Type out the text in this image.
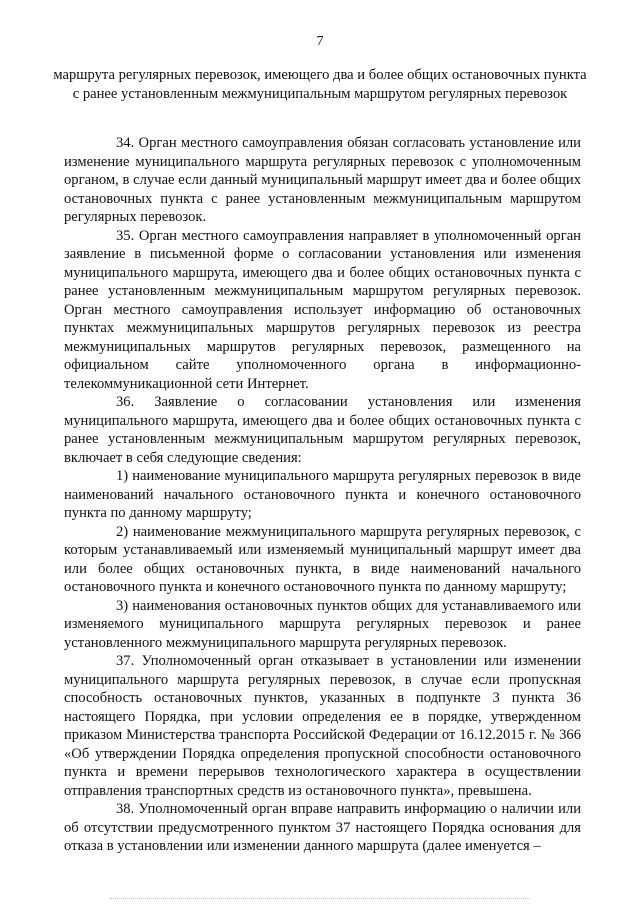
7
маршрута регулярных перевозок, имеющего два и более общих остановочных пункта с ранее установленным межмуниципальным маршрутом регулярных перевозок

34. Орган местного самоуправления обязан согласовать установление или изменение муниципального маршрута регулярных перевозок с уполномоченным органом, в случае если данный муниципальный маршрут имеет два и более общих остановочных пункта с ранее установленным межмуниципальным маршрутом регулярных перевозок.

35. Орган местного самоуправления направляет в уполномоченный орган заявление в письменной форме о согласовании установления или изменения муниципального маршрута, имеющего два и более общих остановочных пункта с ранее установленным межмуниципальным маршрутом регулярных перевозок. Орган местного самоуправления использует информацию об остановочных пунктах межмуниципальных маршрутов регулярных перевозок из реестра межмуниципальных маршрутов регулярных перевозок, размещенного на официальном сайте уполномоченного органа в информационно-телекоммуникационной сети Интернет.

36. Заявление о согласовании установления или изменения муниципального маршрута, имеющего два и более общих остановочных пункта с ранее установленным межмуниципальным маршрутом регулярных перевозок, включает в себя следующие сведения:

1) наименование муниципального маршрута регулярных перевозок в виде наименований начального остановочного пункта и конечного остановочного пункта по данному маршруту;

2) наименование межмуниципального маршрута регулярных перевозок, с которым устанавливаемый или изменяемый муниципальный маршрут имеет два или более общих остановочных пункта, в виде наименований начального остановочного пункта и конечного остановочного пункта по данному маршруту;

3) наименования остановочных пунктов общих для устанавливаемого или изменяемого муниципального маршрута регулярных перевозок и ранее установленного межмуниципального маршрута регулярных перевозок.

37. Уполномоченный орган отказывает в установлении или изменении муниципального маршрута регулярных перевозок, в случае если пропускная способность остановочных пунктов, указанных в подпункте 3 пункта 36 настоящего Порядка, при условии определения ее в порядке, утвержденном приказом Министерства транспорта Российской Федерации от 16.12.2015 г. № 366 «Об утверждении Порядка определения пропускной способности остановочного пункта и времени перерывов технологического характера в осуществлении отправления транспортных средств из остановочного пункта», превышена.

38. Уполномоченный орган вправе направить информацию о наличии или об отсутствии предусмотренного пунктом 37 настоящего Порядка основания для отказа в установлении или изменении данного маршрута (далее именуется –
